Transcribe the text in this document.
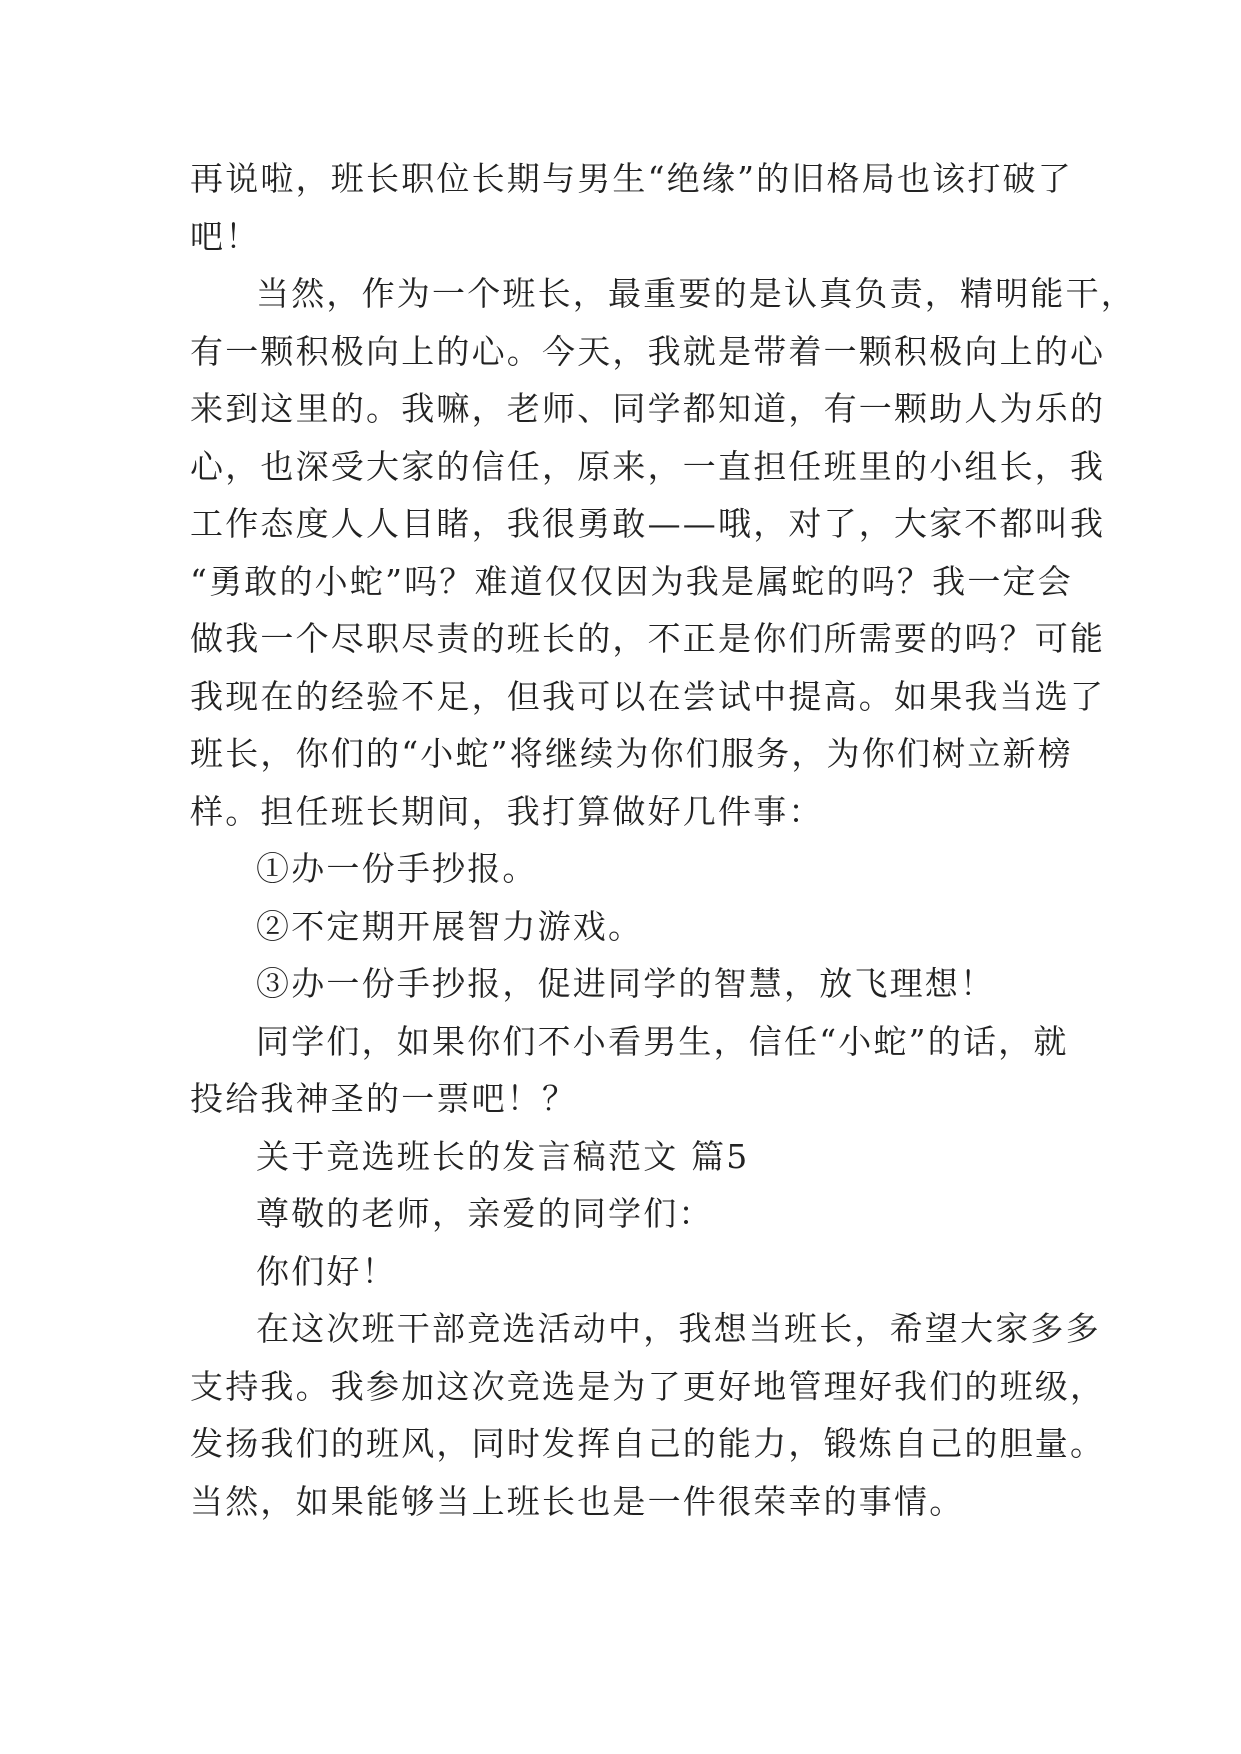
再说啦，班长职位长期与男生“绝缘”的旧格局也该打破了
吧！
当然，作为一个班长，最重要的是认真负责，精明能干，
有一颗积极向上的心。今天，我就是带着一颗积极向上的心
来到这里的。我嘛，老师、同学都知道，有一颗助人为乐的
心，也深受大家的信任，原来，一直担任班里的小组长，我
工作态度人人目睹，我很勇敢——哦，对了，大家不都叫我
“勇敢的小蛇”吗？难道仅仅因为我是属蛇的吗？我一定会
做我一个尽职尽责的班长的，不正是你们所需要的吗？可能
我现在的经验不足，但我可以在尝试中提高。如果我当选了
班长，你们的“小蛇”将继续为你们服务，为你们树立新榜
样。担任班长期间，我打算做好几件事：
①办一份手抄报。
②不定期开展智力游戏。
③办一份手抄报，促进同学的智慧，放飞理想！
同学们，如果你们不小看男生，信任“小蛇”的话，就
投给我神圣的一票吧！？
关于竞选班长的发言稿范文 篇5
尊敬的老师，亲爱的同学们：
你们好！
在这次班干部竞选活动中，我想当班长，希望大家多多
支持我。我参加这次竞选是为了更好地管理好我们的班级，
发扬我们的班风，同时发挥自己的能力，锻炼自己的胆量。
当然，如果能够当上班长也是一件很荣幸的事情。
